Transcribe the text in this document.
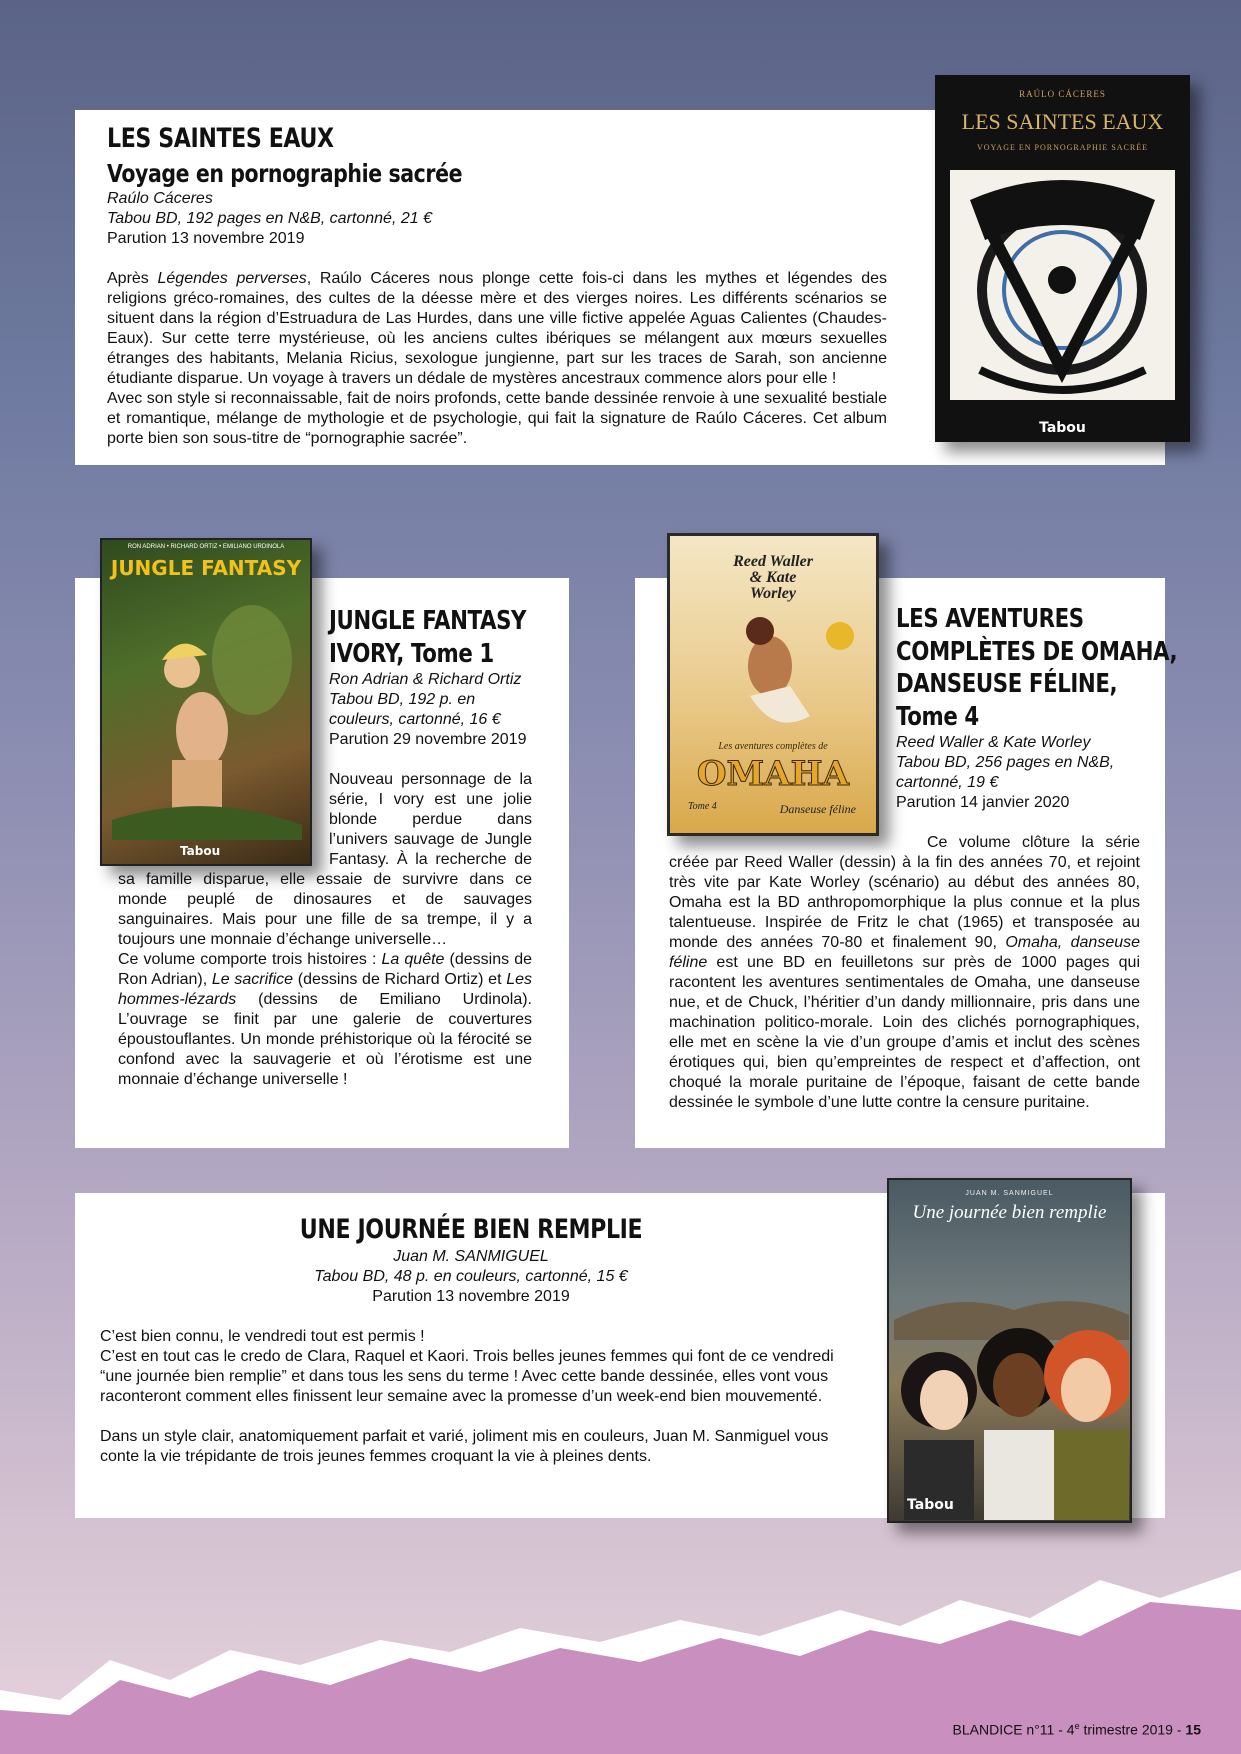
LES SAINTES EAUX
Voyage en pornographie sacrée
Raúlo Cáceres
Tabou BD, 192 pages en N&B, cartonné, 21 €
Parution 13 novembre 2019

Après Légendes perverses, Raúlo Cáceres nous plonge cette fois-ci dans les mythes et légendes des religions gréco-romaines, des cultes de la déesse mère et des vierges noires. Les différents scénarios se situent dans la région d’Estruadura de Las Hurdes, dans une ville fictive appelée Aguas Calientes (Chaudes-Eaux). Sur cette terre mystérieuse, où les anciens cultes ibériques se mélangent aux mœurs sexuelles étranges des habitants, Melania Ricius, sexologue jungienne, part sur les traces de Sarah, son ancienne étudiante disparue. Un voyage à travers un dédale de mystères ancestraux commence alors pour elle !

Avec son style si reconnaissable, fait de noirs profonds, cette bande dessinée renvoie à une sexualité bestiale et romantique, mélange de mythologie et de psychologie, qui fait la signature de Raúlo Cáceres. Cet album porte bien son sous-titre de “pornographie sacrée”.

RAÚLO CÁCERES
LES SAINTES EAUX
VOYAGE EN PORNOGRAPHIE SACRÉE
Tabou
RON ADRIAN • RICHARD ORTIZ • EMILIANO URDINOLA
JUNGLE FANTASY
Tabou
JUNGLE FANTASY
IVORY, Tome 1
Ron Adrian & Richard Ortiz
Tabou BD, 192 p. en couleurs, cartonné, 16 €
Parution 29 novembre 2019

Nouveau personnage de la série, I vory est une jolie blonde perdue dans l’univers sauvage de Jungle Fantasy. À la recherche de sa famille disparue, elle essaie de survivre dans ce monde peuplé de dinosaures et de sauvages sanguinaires. Mais pour une fille de sa trempe, il y a toujours une monnaie d’échange universelle…

Ce volume comporte trois histoires : La quête (dessins de Ron Adrian), Le sacrifice (dessins de Richard Ortiz) et Les hommes-lézards (dessins de Emiliano Urdinola). L’ouvrage se finit par une galerie de couvertures époustouflantes. Un monde préhistorique où la férocité se confond avec la sauvagerie et où l’érotisme est une monnaie d’échange universelle !

Reed Waller
& Kate
Worley
Les aventures complètes de
OMAHA
Tome 4	Danseuse féline
LES AVENTURES
COMPLÈTES DE OMAHA,
DANSEUSE FÉLINE,
Tome 4
Reed Waller & Kate Worley
Tabou BD, 256 pages en N&B, cartonné, 19 €
Parution 14 janvier 2020

Ce volume clôture la série créée par Reed Waller (dessin) à la fin des années 70, et rejoint très vite par Kate Worley (scénario) au début des années 80, Omaha est la BD anthropomorphique la plus connue et la plus talentueuse. Inspirée de Fritz le chat (1965) et transposée au monde des années 70-80 et finalement 90, Omaha, danseuse féline est une BD en feuilletons sur près de 1000 pages qui racontent les aventures sentimentales de Omaha, une danseuse nue, et de Chuck, l’héritier d’un dandy millionnaire, pris dans une machination politico-morale. Loin des clichés pornographiques, elle met en scène la vie d’un groupe d’amis et inclut des scènes érotiques qui, bien qu’empreintes de respect et d’affection, ont choqué la morale puritaine de l’époque, faisant de cette bande dessinée le symbole d’une lutte contre la censure puritaine.

UNE JOURNÉE BIEN REMPLIE
Juan M. SANMIGUEL
Tabou BD, 48 p. en couleurs, cartonné, 15 €
Parution 13 novembre 2019

C’est bien connu, le vendredi tout est permis !

C’est en tout cas le credo de Clara, Raquel et Kaori. Trois belles jeunes femmes qui font de ce vendredi “une journée bien remplie” et dans tous les sens du terme ! Avec cette bande dessinée, elles vont vous raconteront comment elles finissent leur semaine avec la promesse d’un week-end bien mouvementé.

Dans un style clair, anatomiquement parfait et varié, joliment mis en couleurs, Juan M. Sanmiguel vous conte la vie trépidante de trois jeunes femmes croquant la vie à pleines dents.

JUAN M. SANMIGUEL
Une journée bien remplie
Tabou
BLANDICE n°11 - 4e trimestre 2019 - 15
